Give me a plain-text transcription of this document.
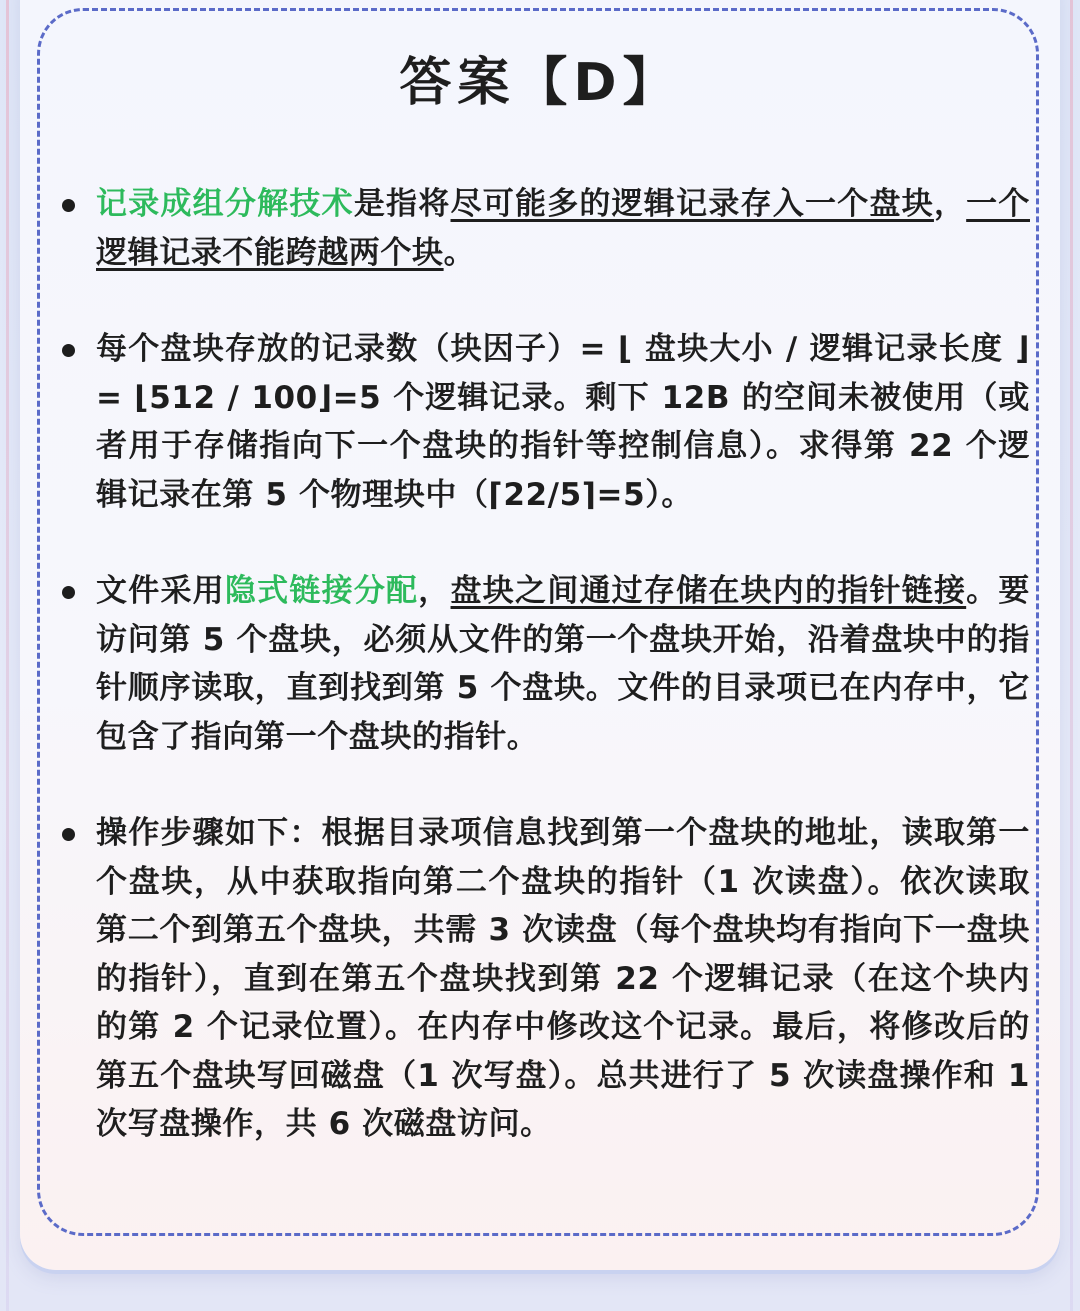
答案【D】
记录成组分解技术是指将尽可能多的逻辑记录存入一个盘块，一个逻辑记录不能跨越两个块。
每个盘块存放的记录数（块因子）= ⌊ 盘块大小 / 逻辑记录长度 ⌋= ⌊512 / 100⌋=5 个逻辑记录。剩下 12B 的空间未被使用（或者用于存储指向下一个盘块的指针等控制信息）。求得第 22 个逻辑记录在第 5 个物理块中（⌈22/5⌉=5）。
文件采用隐式链接分配，盘块之间通过存储在块内的指针链接。要访问第 5 个盘块，必须从文件的第一个盘块开始，沿着盘块中的指针顺序读取，直到找到第 5 个盘块。文件的目录项已在内存中，它包含了指向第一个盘块的指针。
操作步骤如下：根据目录项信息找到第一个盘块的地址，读取第一个盘块，从中获取指向第二个盘块的指针（1 次读盘）。依次读取第二个到第五个盘块，共需 3 次读盘（每个盘块均有指向下一盘块的指针），直到在第五个盘块找到第 22 个逻辑记录（在这个块内的第 2 个记录位置）。在内存中修改这个记录。最后，将修改后的第五个盘块写回磁盘（1 次写盘）。总共进行了 5 次读盘操作和 1 次写盘操作，共 6 次磁盘访问。
